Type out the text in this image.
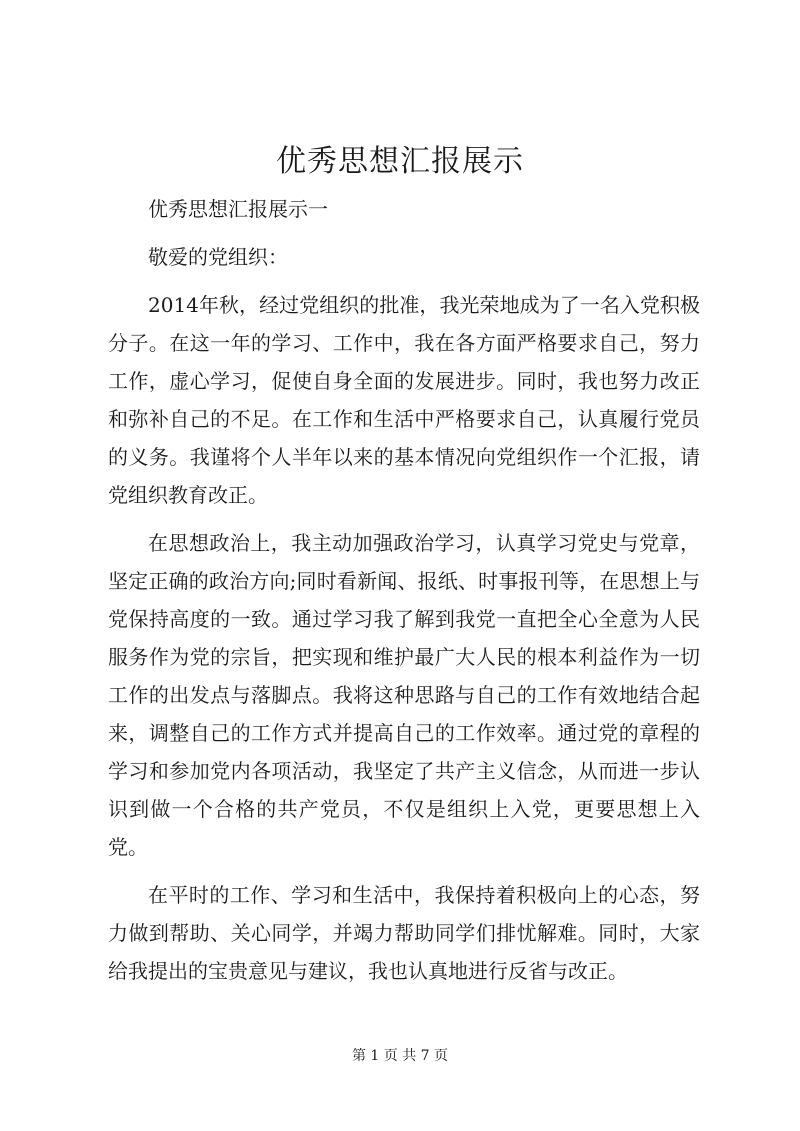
优秀思想汇报展示

优秀思想汇报展示一

敬爱的党组织：

2014年秋，经过党组织的批准，我光荣地成为了一名入党积极分子。在这一年的学习、工作中，我在各方面严格要求自己，努力工作，虚心学习，促使自身全面的发展进步。同时，我也努力改正和弥补自己的不足。在工作和生活中严格要求自己，认真履行党员的义务。我谨将个人半年以来的基本情况向党组织作一个汇报，请党组织教育改正。

在思想政治上，我主动加强政治学习，认真学习党史与党章，坚定正确的政治方向;同时看新闻、报纸、时事报刊等，在思想上与党保持高度的一致。通过学习我了解到我党一直把全心全意为人民服务作为党的宗旨，把实现和维护最广大人民的根本利益作为一切工作的出发点与落脚点。我将这种思路与自己的工作有效地结合起来，调整自己的工作方式并提高自己的工作效率。通过党的章程的学习和参加党内各项活动，我坚定了共产主义信念，从而进一步认识到做一个合格的共产党员，不仅是组织上入党，更要思想上入党。

在平时的工作、学习和生活中，我保持着积极向上的心态，努力做到帮助、关心同学，并竭力帮助同学们排忧解难。同时，大家给我提出的宝贵意见与建议，我也认真地进行反省与改正。

第 1 页 共 7 页
